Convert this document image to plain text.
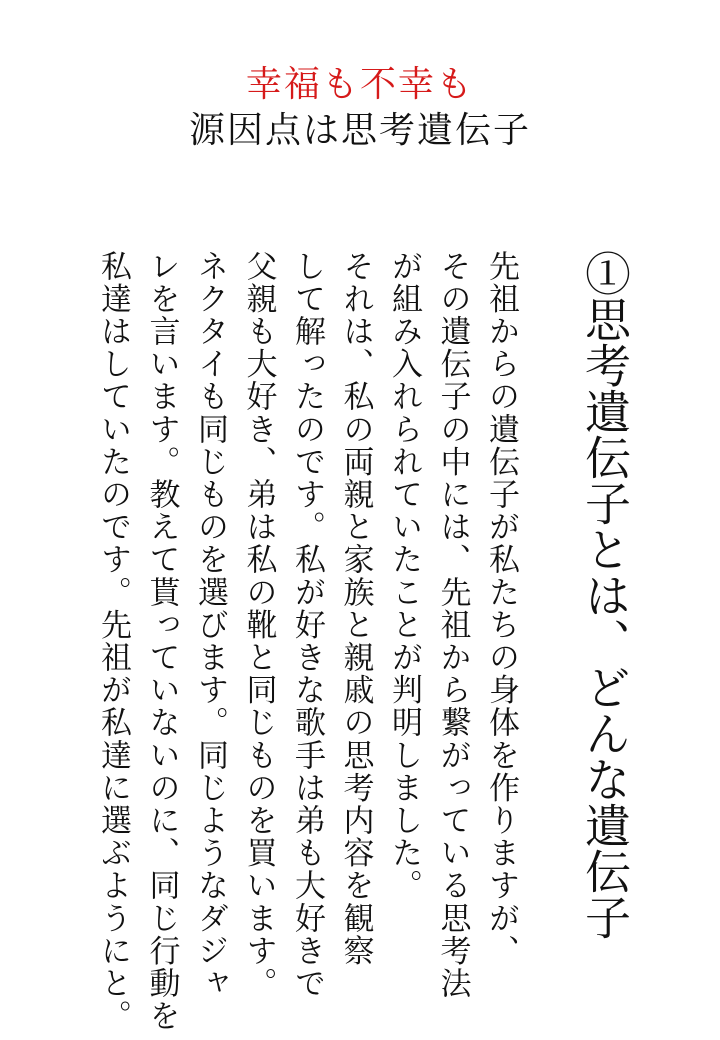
幸福も不幸も
源因点は思考遺伝子
①思考遺伝子とは、どんな遺伝子
先祖からの遺伝子が私たちの身体を作りますが、
その遺伝子の中には、先祖から繋がっている思考法
が組み入れられていたことが判明しました。
それは、私の両親と家族と親戚の思考内容を観察
して解ったのです。私が好きな歌手は弟も大好きで
父親も大好き、弟は私の靴と同じものを買います。
ネクタイも同じものを選びます。同じようなダジャ
レを言います。教えて貰っていないのに、同じ行動を
私達はしていたのです。先祖が私達に選ぶようにと。
